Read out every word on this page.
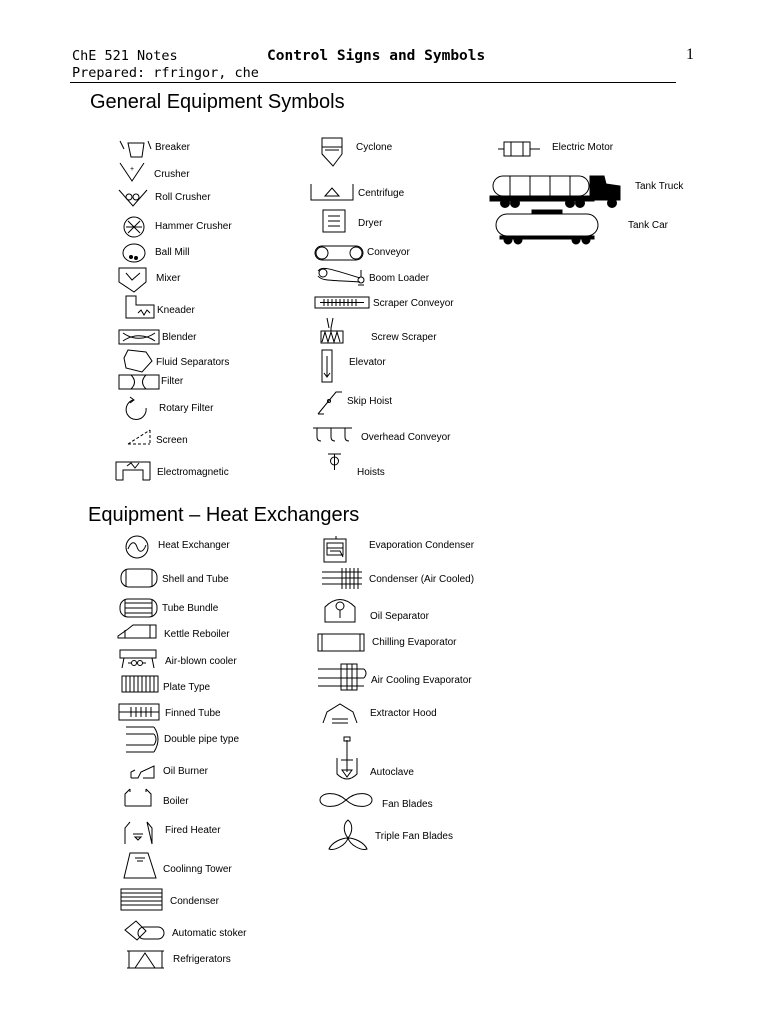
ChE 521 Notes
Prepared: rfringor, che
Control Signs and Symbols	1
General Equipment Symbols
Equipment – Heat Exchangers
Breaker
Crusher
Roll Crusher
Hammer Crusher
Ball Mill
Mixer
Kneader
Blender
Fluid Separators
Filter
Rotary Filter
Screen
Electromagnetic
Cyclone
Centrifuge
Dryer
Conveyor
Boom Loader
Scraper Conveyor
Screw Scraper
Elevator
Skip Hoist
Overhead Conveyor
Hoists
Electric Motor
Tank Truck
Tank Car
Heat Exchanger
Shell and Tube
Tube Bundle
Kettle Reboiler
Air-blown cooler
Plate Type
Finned Tube
Double pipe type
Oil Burner
Boiler
Fired Heater
Coolinng Tower
Condenser
Automatic stoker
Refrigerators
Evaporation Condenser
Condenser (Air Cooled)
Oil Separator
Chilling Evaporator
Air Cooling Evaporator
Extractor Hood
Autoclave
Fan Blades
Triple Fan Blades
+
